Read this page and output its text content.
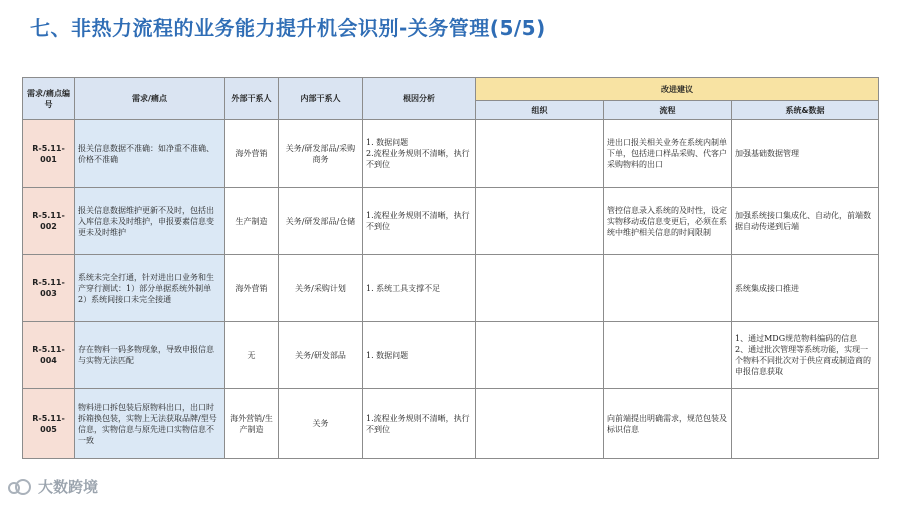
七、非热力流程的业务能力提升机会识别-关务管理(5/5)
需求/痛点编号	需求/痛点	外部干系人	内部干系人	根因分析	改进建议		
					组织	流程	系统&数据
R-5.11-001	报关信息数据不准确：如净重不准确、价格不准确	海外营销	关务/研发部品/采购商务	1. 数据问题
2.流程业务规则不清晰，执行不到位		进出口报关相关业务在系统内制单下单，包括进口样品采购、代客户采购物料的出口	加强基础数据管理
R-5.11-002	报关信息数据维护更新不及时，包括出入库信息未及时维护，申报要素信息变更未及时维护	生产制造	关务/研发部品/仓储	1.流程业务规则不清晰，执行不到位		管控信息录入系统的及时性，设定实物移动或信息变更后，必须在系统中维护相关信息的时间限制	加强系统接口集成化、自动化，前端数据自动传递到后端
R-5.11-003	系统未完全打通，针对进出口业务和生产穿行测试：1）部分单据系统外制单
2）系统间接口未完全接通	海外营销	关务/采购计划	1. 系统工具支撑不足			系统集成接口推进
R-5.11-004	存在物料一码多物现象，导致申报信息与实物无法匹配	无	关务/研发部品	1. 数据问题			1、通过MDG规范物料编码的信息
2、通过批次管理等系统功能，实现一个物料不同批次对于供应商或制造商的申报信息获取
R-5.11-005	物料进口拆包装后原物料出口，出口时拆箱换包装，实物上无法获取品牌/型号信息，实物信息与原先进口实物信息不一致	海外营销/生产制造	关务	1.流程业务规则不清晰，执行不到位		向前端提出明确需求，规范包装及标识信息	
大数跨境
